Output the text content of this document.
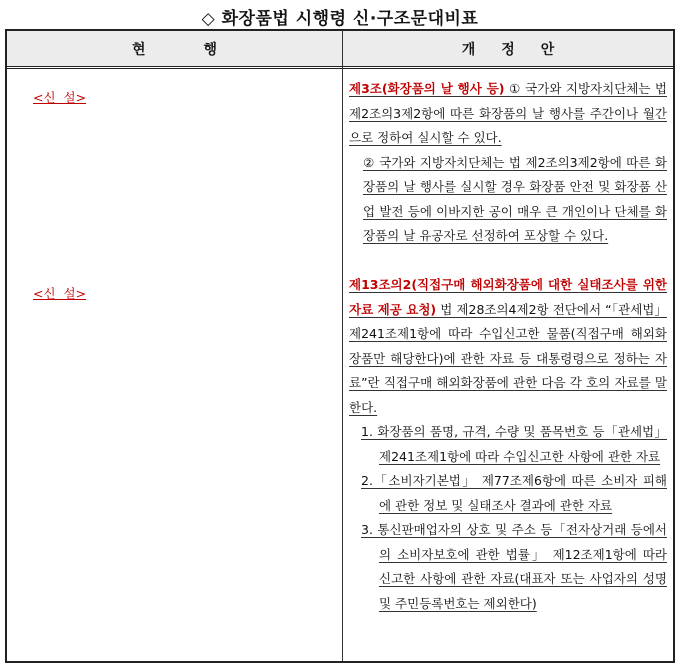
◇ 화장품법 시행령 신·구조문대비표
현행	개정안
<신  설>

제3조(화장품의 날 행사 등) ① 국가와 지방자치단체는 법 제2조의3제2항에 따른 화장품의 날 행사를 주간이나 월간으로 정하여 실시할 수 있다.

② 국가와 지방자치단체는 법 제2조의3제2항에 따른 화장품의 날 행사를 실시할 경우 화장품 안전 및 화장품 산업 발전 등에 이바지한 공이 매우 큰 개인이나 단체를 화장품의 날 유공자로 선정하여 포상할 수 있다.

<신  설>

제13조의2(직접구매 해외화장품에 대한 실태조사를 위한 자료 제공 요청) 법 제28조의4제2항 전단에서 “「관세법」 제241조제1항에 따라 수입신고한 물품(직접구매 해외화장품만 해당한다)에 관한 자료 등 대통령령으로 정하는 자료”란 직접구매 해외화장품에 관한 다음 각 호의 자료를 말한다.

1. 화장품의 품명, 규격, 수량 및 품목번호 등「관세법」 제241조제1항에 따라 수입신고한 사항에 관한 자료

2.「소비자기본법」 제77조제6항에 따른 소비자 피해에 관한 정보 및 실태조사 결과에 관한 자료

3. 통신판매업자의 상호 및 주소 등「전자상거래 등에서의 소비자보호에 관한 법률」 제12조제1항에 따라 신고한 사항에 관한 자료(대표자 또는 사업자의 성명 및 주민등록번호는 제외한다)
